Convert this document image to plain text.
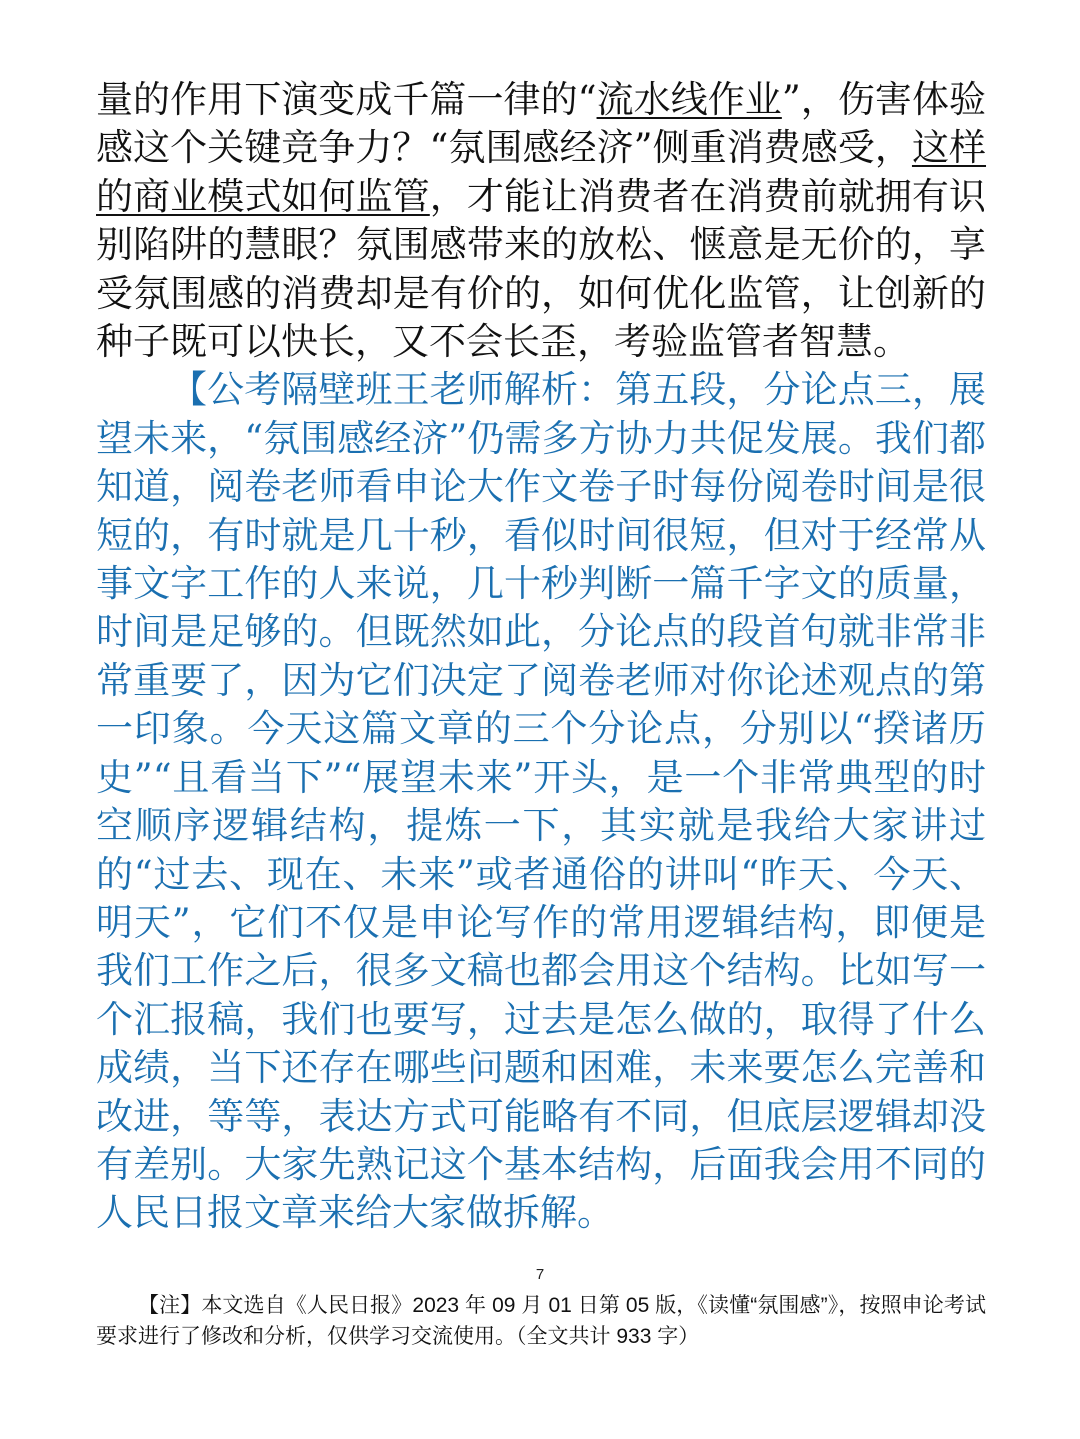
量的作用下演变成千篇一律的“流水线作业”，伤害体验感这个关键竞争力？“氛围感经济”侧重消费感受，这样的商业模式如何监管，才能让消费者在消费前就拥有识别陷阱的慧眼？氛围感带来的放松、惬意是无价的，享受氛围感的消费却是有价的，如何优化监管，让创新的种子既可以快长，又不会长歪，考验监管者智慧。

【公考隔壁班王老师解析：第五段，分论点三，展望未来，“氛围感经济”仍需多方协力共促发展。我们都知道，阅卷老师看申论大作文卷子时每份阅卷时间是很短的，有时就是几十秒，看似时间很短，但对于经常从事文字工作的人来说，几十秒判断一篇千字文的质量，时间是足够的。但既然如此，分论点的段首句就非常非常重要了，因为它们决定了阅卷老师对你论述观点的第一印象。今天这篇文章的三个分论点，分别以“揆诸历史”“且看当下”“展望未来”开头，是一个非常典型的时空顺序逻辑结构，提炼一下，其实就是我给大家讲过的“过去、现在、未来”或者通俗的讲叫“昨天、今天、明天”，它们不仅是申论写作的常用逻辑结构，即便是我们工作之后，很多文稿也都会用这个结构。比如写一个汇报稿，我们也要写，过去是怎么做的，取得了什么成绩，当下还存在哪些问题和困难，未来要怎么完善和改进，等等，表达方式可能略有不同，但底层逻辑却没有差别。大家先熟记这个基本结构，后面我会用不同的人民日报文章来给大家做拆解。

7
【注】本文选自《人民日报》2023 年 09 月 01 日第 05 版，《读懂“氛围感”》，按照申论考试要求进行了修改和分析，仅供学习交流使用。（全文共计 933 字）
